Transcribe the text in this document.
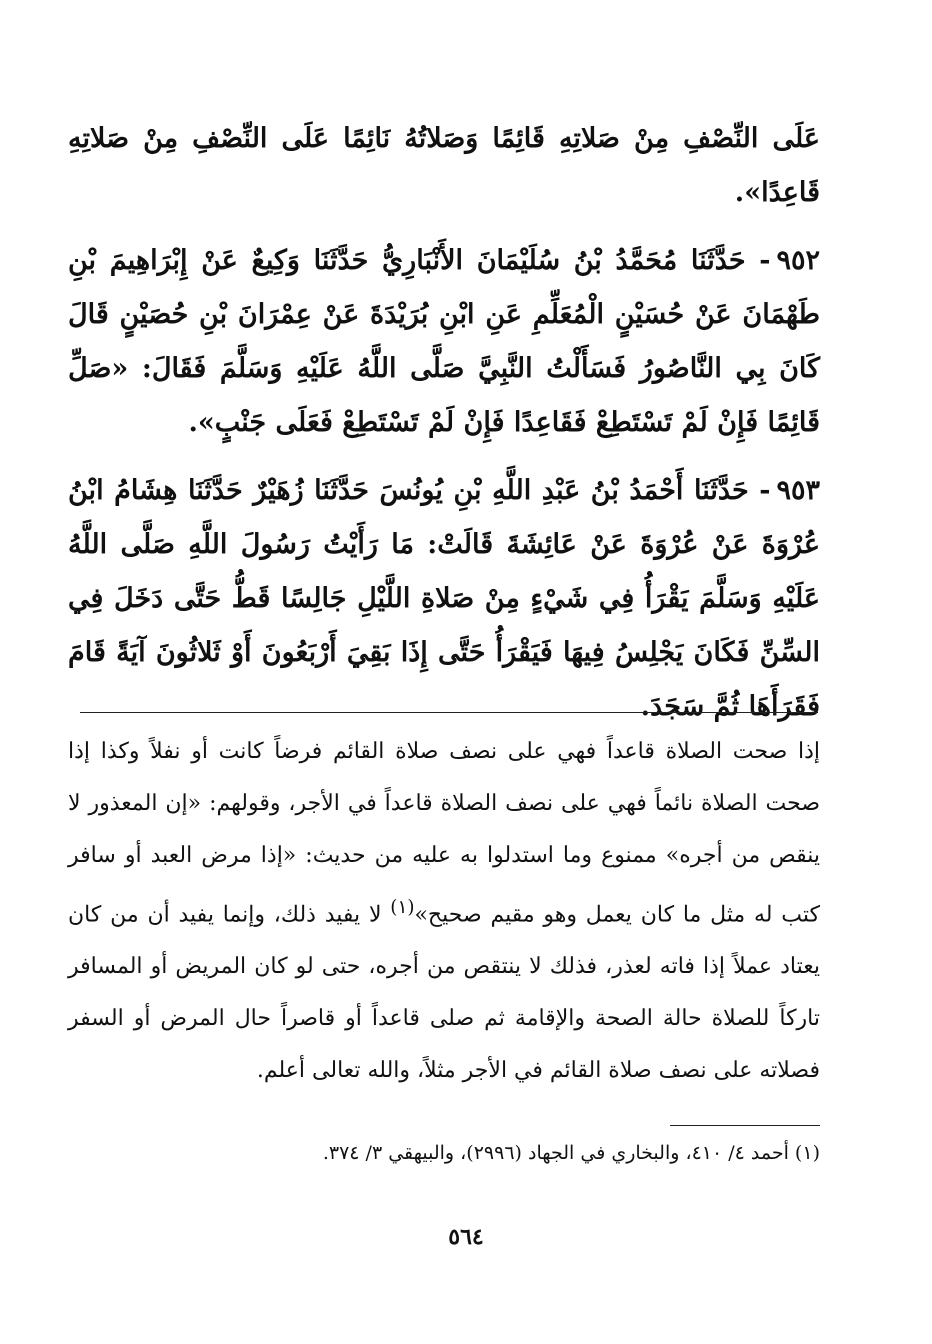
عَلَى النِّصْفِ مِنْ صَلاتِهِ قَائِمًا وَصَلاتُهُ نَائِمًا عَلَى النِّصْفِ مِنْ صَلاتِهِ قَاعِدًا».

٩٥٢- حَدَّثَنَا مُحَمَّدُ بْنُ سُلَيْمَانَ الأَنْبَارِيُّ حَدَّثَنَا وَكِيعٌ عَنْ إِبْرَاهِيمَ بْنِ طَهْمَانَ عَنْ حُسَيْنٍ الْمُعَلِّمِ عَنِ ابْنِ بُرَيْدَةَ عَنْ عِمْرَانَ بْنِ حُصَيْنٍ قَالَ كَانَ بِي النَّاصُورُ فَسَأَلْتُ النَّبِيَّ صَلَّى اللَّهُ عَلَيْهِ وَسَلَّمَ فَقَالَ: «صَلِّ قَائِمًا فَإِنْ لَمْ تَسْتَطِعْ فَقَاعِدًا فَإِنْ لَمْ تَسْتَطِعْ فَعَلَى جَنْبٍ».

٩٥٣- حَدَّثَنَا أَحْمَدُ بْنُ عَبْدِ اللَّهِ بْنِ يُونُسَ حَدَّثَنَا زُهَيْرٌ حَدَّثَنَا هِشَامُ ابْنُ عُرْوَةَ عَنْ عُرْوَةَ عَنْ عَائِشَةَ قَالَتْ: مَا رَأَيْتُ رَسُولَ اللَّهِ صَلَّى اللَّهُ عَلَيْهِ وَسَلَّمَ يَقْرَأُ فِي شَيْءٍ مِنْ صَلاةِ اللَّيْلِ جَالِسًا قَطُّ حَتَّى دَخَلَ فِي السِّنِّ فَكَانَ يَجْلِسُ فِيهَا فَيَقْرَأُ حَتَّى إِذَا بَقِيَ أَرْبَعُونَ أَوْ ثَلاثُونَ آيَةً قَامَ فَقَرَأَهَا ثُمَّ سَجَدَ.

إذا صحت الصلاة قاعداً فهي على نصف صلاة القائم فرضاً كانت أو نفلاً وكذا إذا صحت الصلاة نائماً فهي على نصف الصلاة قاعداً في الأجر، وقولهم: «إن المعذور لا ينقص من أجره» ممنوع وما استدلوا به عليه من حديث: «إذا مرض العبد أو سافر كتب له مثل ما كان يعمل وهو مقيم صحيح»$^{(١)}$ لا يفيد ذلك، وإنما يفيد أن من كان يعتاد عملاً إذا فاته لعذر، فذلك لا ينتقص من أجره، حتى لو كان المريض أو المسافر تاركاً للصلاة حالة الصحة والإقامة ثم صلى قاعداً أو قاصراً حال المرض أو السفر فصلاته على نصف صلاة القائم في الأجر مثلاً، والله تعالى أعلم.

(١) أحمد ٤/ ٤١٠، والبخاري في الجهاد (٢٩٩٦)، والبيهقي ٣/ ٣٧٤.

٥٦٤
